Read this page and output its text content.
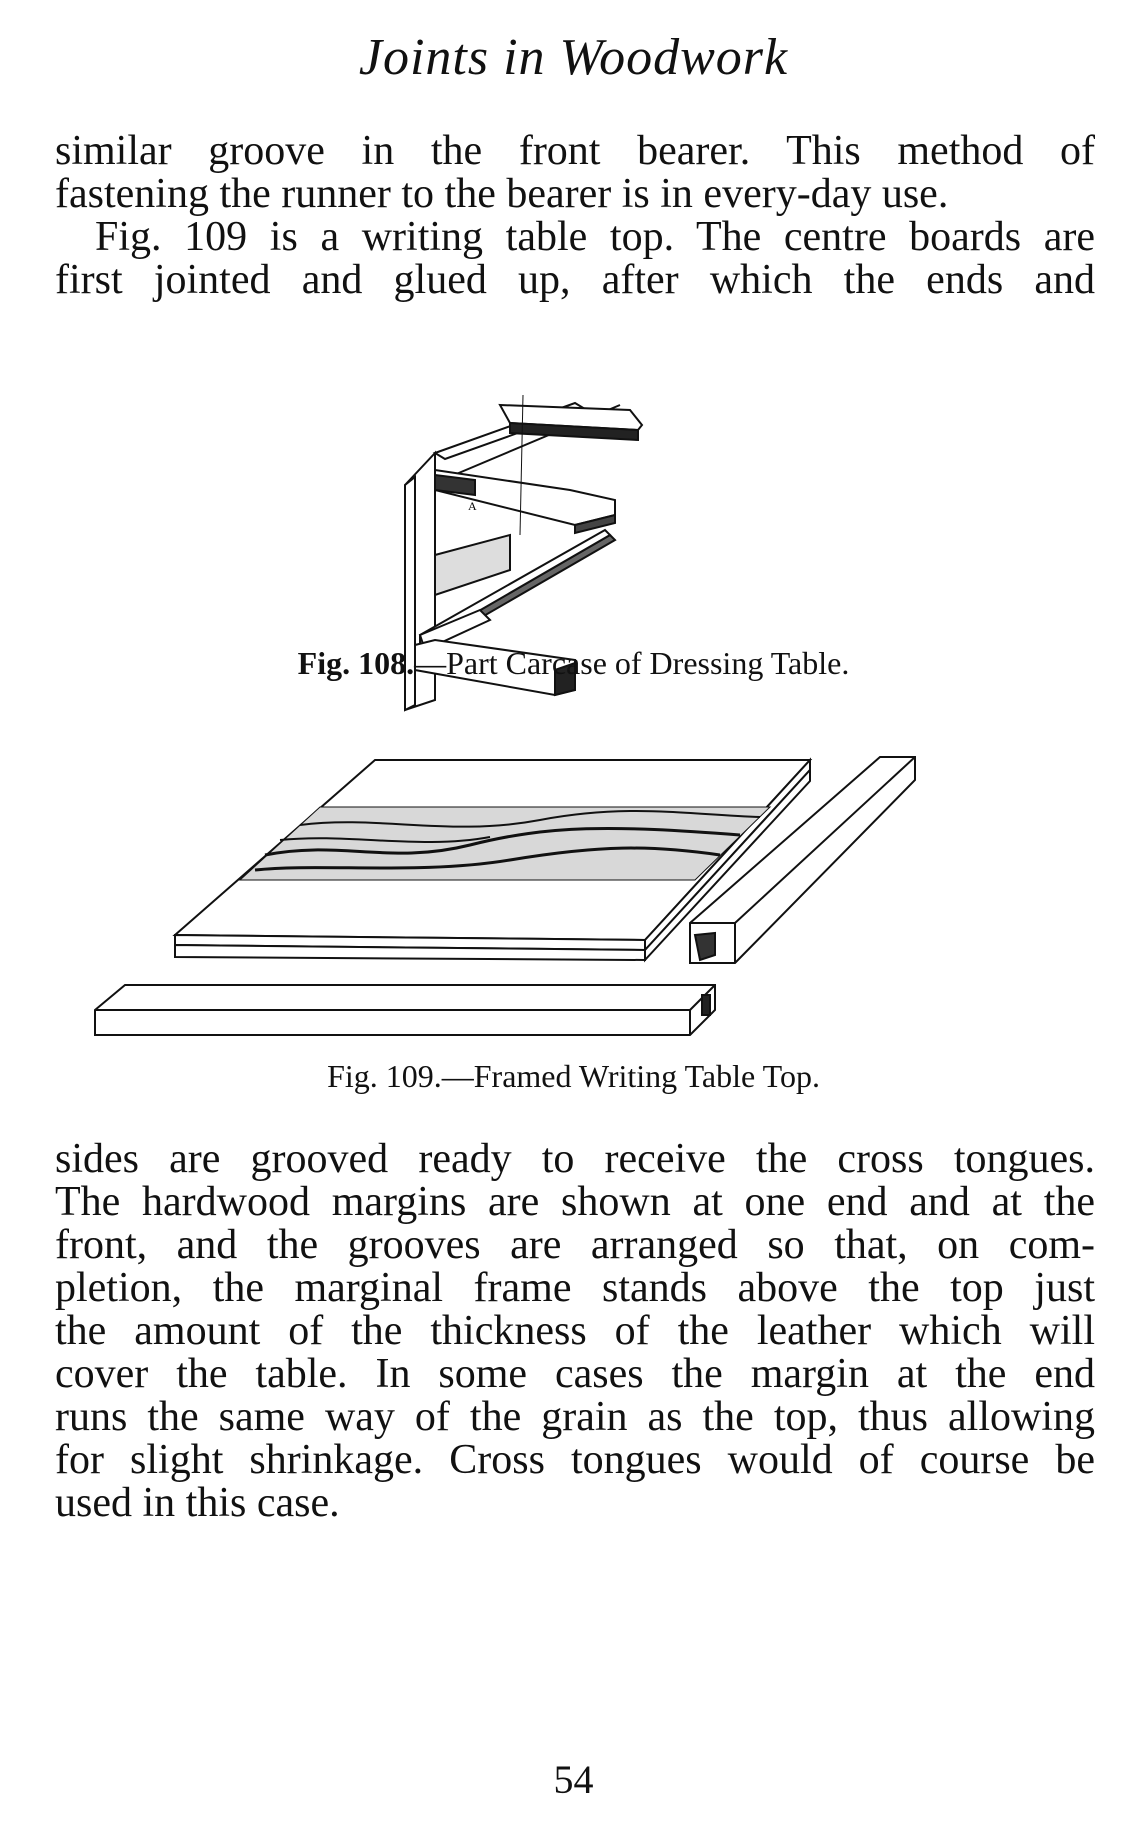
Joints in Woodwork
similar groove in the front bearer. This method of
fastening the runner to the bearer is in every-day use.
Fig. 109 is a writing table top. The centre boards are
first jointed and glued up, after which the ends and
A
Fig. 108.—Part Carcase of Dressing Table.
Fig. 109.—Framed Writing Table Top.
sides are grooved ready to receive the cross tongues.
The hardwood margins are shown at one end and at the
front, and the grooves are arranged so that, on com-
pletion, the marginal frame stands above the top just
the amount of the thickness of the leather which will
cover the table. In some cases the margin at the end
runs the same way of the grain as the top, thus allowing
for slight shrinkage. Cross tongues would of course be
used in this case.
54
